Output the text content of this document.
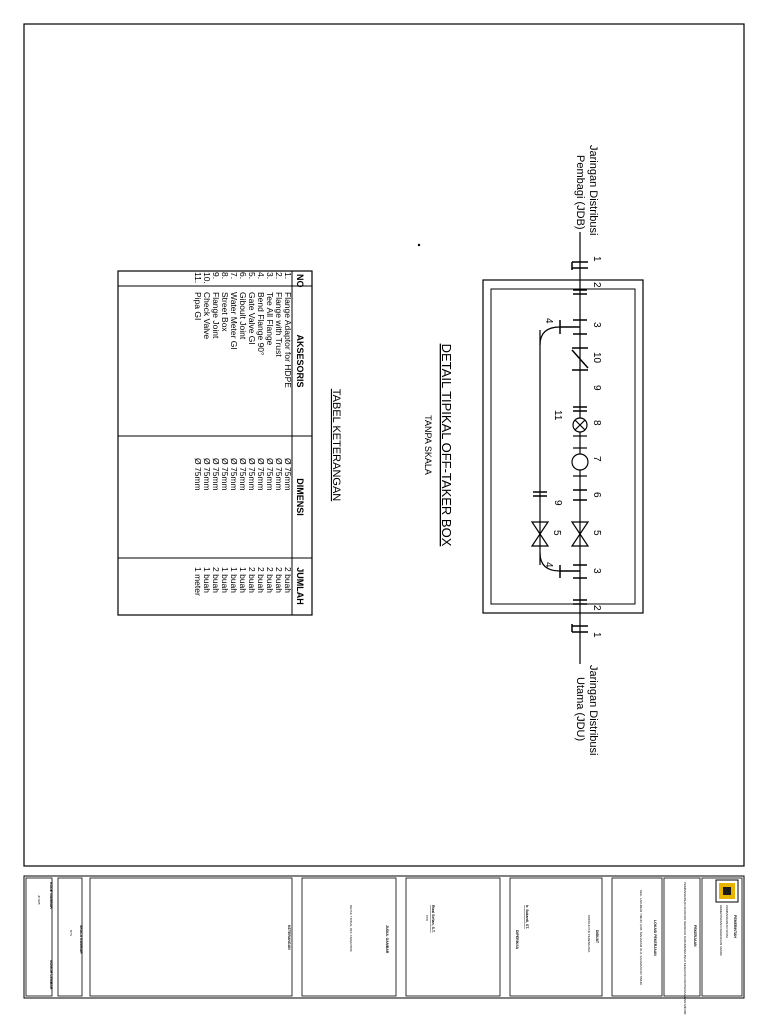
DETAIL TIPIKAL OFF-TAKER BOX
TANPA SKALA
Jaringan Distribusi
Pembagi (JDB)
Jaringan Distribusi
Utama (JDU)
1
2
3
4
10
9
8
11
7
6
9
5	5
4
3
2
1
TABEL KETERANGAN
NO
AKSESORIS
DIMENSI
JUMLAH
1.
Flange Adaptor for HDPE
Ø 75mm
2 buah
2.
Flange with Trust
Ø 75mm
2 buah
3.
Tee All Flange
Ø 75mm
2 buah
4.
Bend Flange 90°
Ø 75mm
2 buah
5.
Gate Valve GI
Ø 75mm
2 buah
6.
Giboult Joint
Ø 75mm
1 buah
7.
Water Meter GI
Ø 75mm
1 buah
8.
Street Box
Ø 75mm
1 buah
9.
Flange Joint
Ø 75mm
2 buah
10.
Check Valve
Ø 75mm
1 buah
11.
Pipa GI
Ø 75mm
1 meter
PEMERINTAH
PEMBANGUNAN SPAM
KEMENTERIAN PEKERJAAN UMUM
PEKERJAAN
PEMBANGUNAN SPAM IKK DEDIKASI DANUMENGUNAU KEGIATAN PENYEDIAAN AIR MINUM
LOKASI PEKERJAAN
KEC. LAKUMAN TIMUR, KAB. MAHAKAM ULU, KALIMANTAN TIMUR
DIBUAT
KONSULTAN PERENCANA
Ir. Sukardi, ST.
DIPERIKSA
Rizal Sefian, S.T.
PPK
JUDUL GAMBAR
DETAIL TIPIKAL OFF-TAKER BOX
KETERANGAN
SKALA GAMBAR
NTS
NOMOR LEMBAR
KODE GAMBAR
JP-005
